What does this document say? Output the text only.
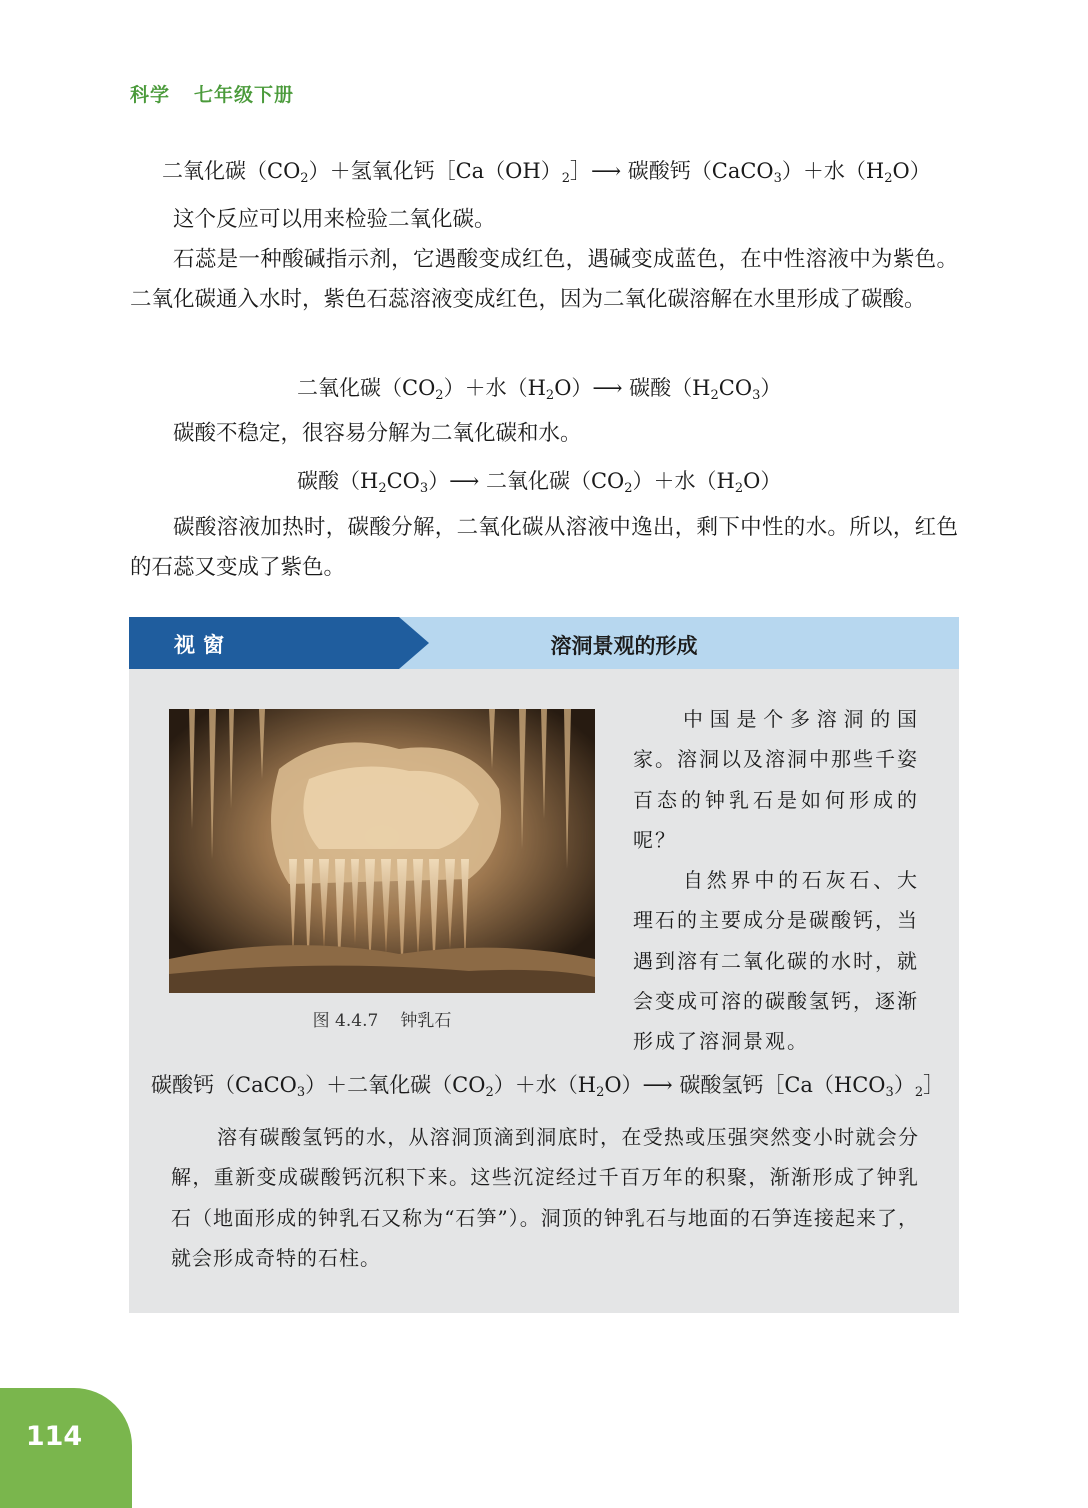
科学 七年级下册
二氧化碳$(CO_2)+$氢氧化钙$[Ca(OH)_2]⟶$ 碳酸钙（CaCO$_3$）＋水$(H_2O)$
这个反应可以用来检验二氧化碳。
石蕊是一种酸碱指示剂，它遇酸变成红色，遇碱变成蓝色，在中性溶液中为紫色。二氧化碳通入水时，紫色石蕊溶液变成红色，因为二氧化碳溶解在水里形成了碳酸。
二氧化碳$(CO_2)+$水$(H_2O)⟶$ 碳酸$(H_2CO_3)$
碳酸不稳定，很容易分解为二氧化碳和水。
碳酸$(H_2CO_3)⟶$ 二氧化碳$(CO_2)+$水$(H_2O)$
碳酸溶液加热时，碳酸分解，二氧化碳从溶液中逸出，剩下中性的水。所以，红色的石蕊又变成了紫色。
视窗	溶洞景观的形成
图 4.4.7 钟乳石

中国是个多溶洞的国家。溶洞以及溶洞中那些千姿百态的钟乳石是如何形成的呢？

自然界中的石灰石、大理石的主要成分是碳酸钙，当遇到溶有二氧化碳的水时，就会变成可溶的碳酸氢钙，逐渐形成了溶洞景观。

碳酸钙（CaCO$_3$）＋二氧化碳$(CO_2)+$水$(H_2O)⟶$ 碳酸氢钙$[Ca(HCO_3)_2]$
溶有碳酸氢钙的水，从溶洞顶滴到洞底时，在受热或压强突然变小时就会分解，重新变成碳酸钙沉积下来。这些沉淀经过千百万年的积聚，渐渐形成了钟乳石（地面形成的钟乳石又称为“石笋”）。洞顶的钟乳石与地面的石笋连接起来了，就会形成奇特的石柱。
114
